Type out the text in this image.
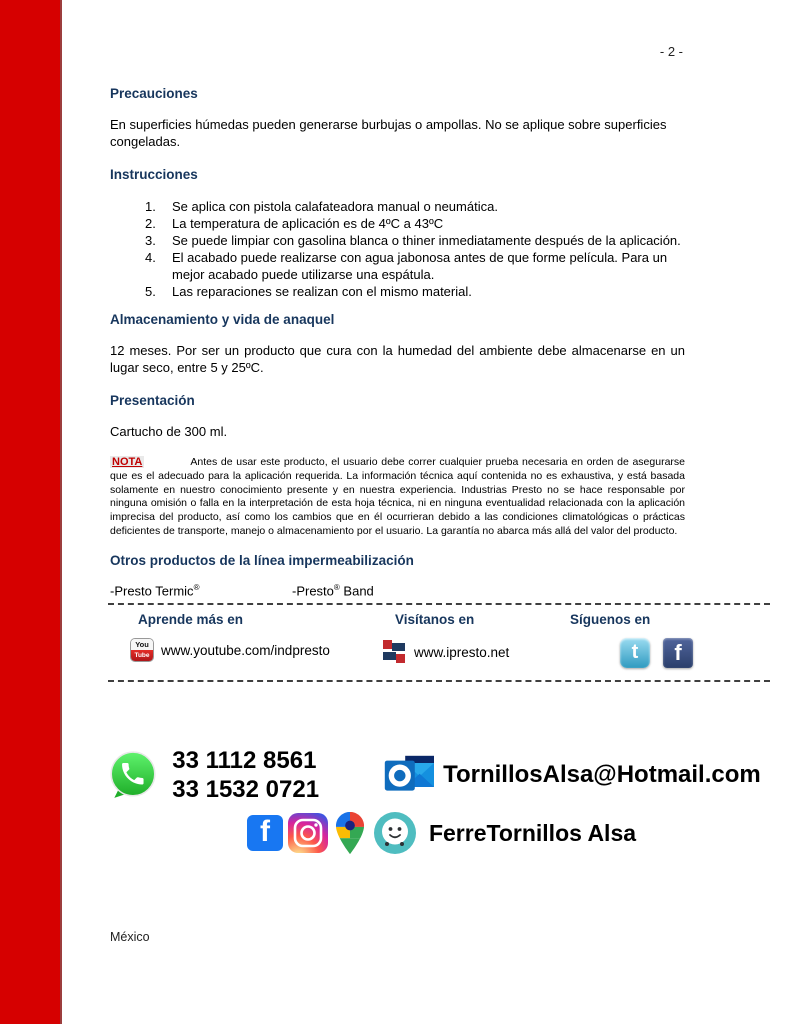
- 2 -
Precauciones

En superficies húmedas pueden generarse burbujas o ampollas. No se aplique sobre superficies congeladas.

Instrucciones
1.	Se aplica con pistola calafateadora manual o neumática.
2.	La temperatura de aplicación es de 4ºC a 43ºC
3.	Se puede limpiar con gasolina blanca o thiner inmediatamente después de la aplicación.
4.	El acabado puede realizarse con agua jabonosa antes de que forme película. Para un mejor acabado puede utilizarse una espátula.
5.	Las reparaciones se realizan con el mismo material.
Almacenamiento y vida de anaquel

12 meses. Por ser un producto que cura con la humedad del ambiente debe almacenarse en un lugar seco, entre 5 y 25ºC.

Presentación

Cartucho de 300 ml.

NOTA	Antes de usar este producto, el usuario debe correr cualquier prueba necesaria en orden de asegurarse que es el adecuado para la aplicación requerida. La información técnica aquí contenida no es exhaustiva, y está basada solamente en nuestro conocimiento presente y en nuestra experiencia. Industrias Presto no se hace responsable por ninguna omisión o falla en la interpretación de esta hoja técnica, ni en ninguna eventualidad relacionada con la aplicación imprecisa del producto, así como los cambios que en él ocurrieran debido a las condiciones climatológicas o prácticas deficientes de transporte, manejo o almacenamiento por el usuario. La garantía no abarca más allá del valor del producto.
Otros productos de la línea impermeabilización
-Presto Termic®	-Presto® Band
Aprende más en
You
Tube www.youtube.com/indpresto
Visítanos en
www.ipresto.net
Síguenos en
t	f
33 1112 8561
33 1532 0721
TornillosAlsa@Hotmail.com
f	FerreTornillos Alsa
México
